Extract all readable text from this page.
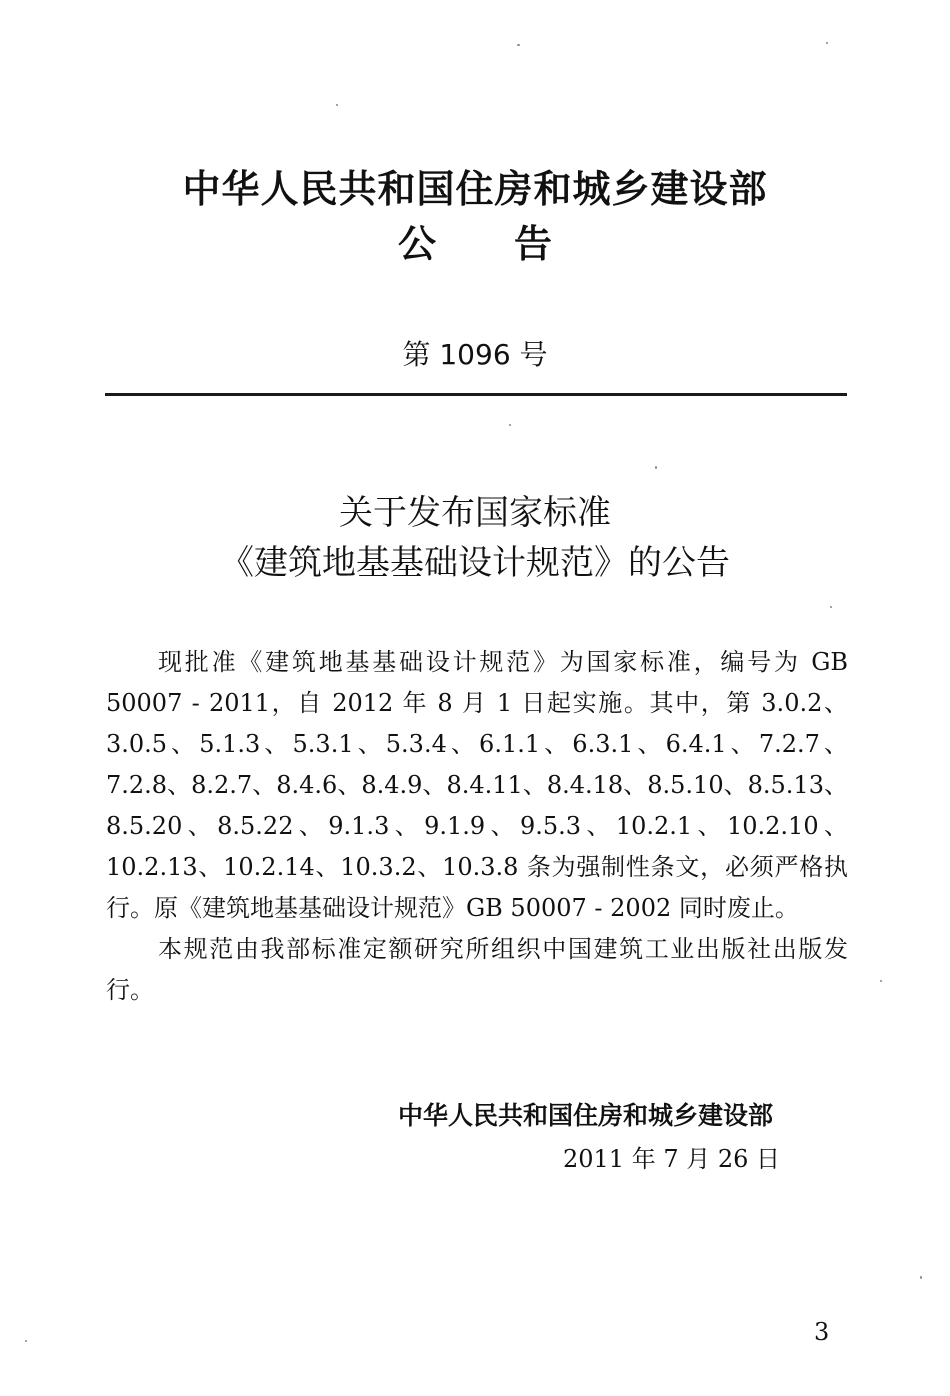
中华人民共和国住房和城乡建设部
公告
第 1096 号
关于发布国家标准
《建筑地基基础设计规范》的公告

现批准《建筑地基基础设计规范》为国家标准，编号为 GB 50007 - 2011，自 2012 年 8 月 1 日起实施。其中，第 3.0.2、3.0.5、5.1.3、5.3.1、5.3.4、6.1.1、6.3.1、6.4.1、7.2.7、7.2.8、8.2.7、8.4.6、8.4.9、8.4.11、8.4.18、8.5.10、8.5.13、8.5.20、8.5.22、9.1.3、9.1.9、9.5.3、10.2.1、10.2.10、10.2.13、10.2.14、10.3.2、10.3.8 条为强制性条文，必须严格执行。原《建筑地基基础设计规范》GB 50007 - 2002 同时废止。

本规范由我部标准定额研究所组织中国建筑工业出版社出版发行。

中华人民共和国住房和城乡建设部
2011 年 7 月 26 日
3
